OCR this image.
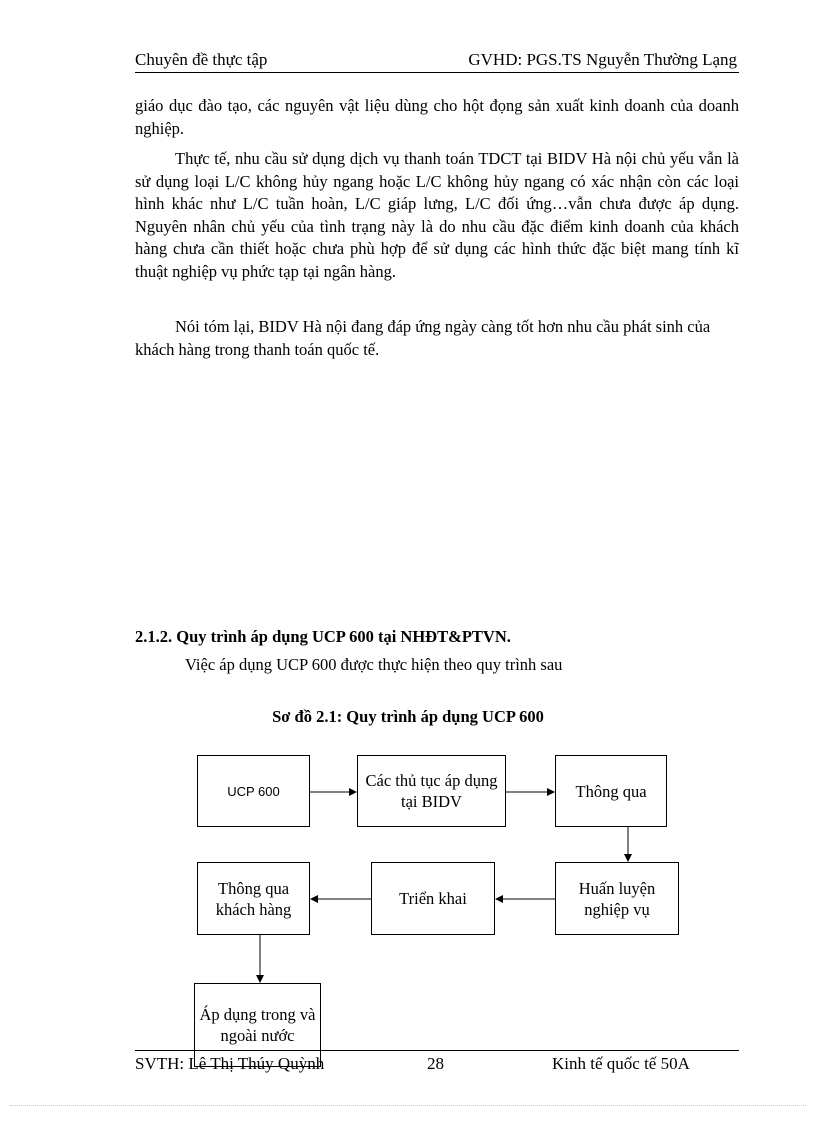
Chuyên đề thực tập	GVHD: PGS.TS Nguyễn Thường Lạng
giáo dục đào tạo, các nguyên vật liệu dùng cho hột đọng sản xuất kinh doanh của doanh nghiệp.
Thực tế, nhu cầu sử dụng dịch vụ thanh toán TDCT tại BIDV Hà nội chủ yếu vẫn là sử dụng loại L/C không hủy ngang hoặc L/C không hủy ngang có xác nhận còn các loại hình khác như L/C tuần hoàn, L/C giáp lưng, L/C đối ứng…vẫn chưa được áp dụng. Nguyên nhân chủ yếu của tình trạng này là do nhu cầu đặc điểm kinh doanh của khách hàng chưa cần thiết hoặc chưa phù hợp để sử dụng các hình thức đặc biệt mang tính kĩ thuật nghiệp vụ phức tạp tại ngân hàng.
Nói tóm lại, BIDV Hà nội đang đáp ứng ngày càng tốt hơn nhu cầu phát sinh của khách hàng trong thanh toán quốc tế.
2.1.2. Quy trình áp dụng UCP 600 tại NHĐT&PTVN.
Việc áp dụng UCP 600 được thực hiện theo quy trình sau
Sơ đồ 2.1: Quy trình áp dụng UCP 600
UCP 600
Các thủ tục áp dụng tại BIDV
Thông qua
Huấn luyện nghiệp vụ
Triển khai
Thông qua khách hàng
Áp dụng trong và ngoài nước
SVTH: Lê Thị Thúy Quỳnh	28	Kinh tế quốc tế 50A
